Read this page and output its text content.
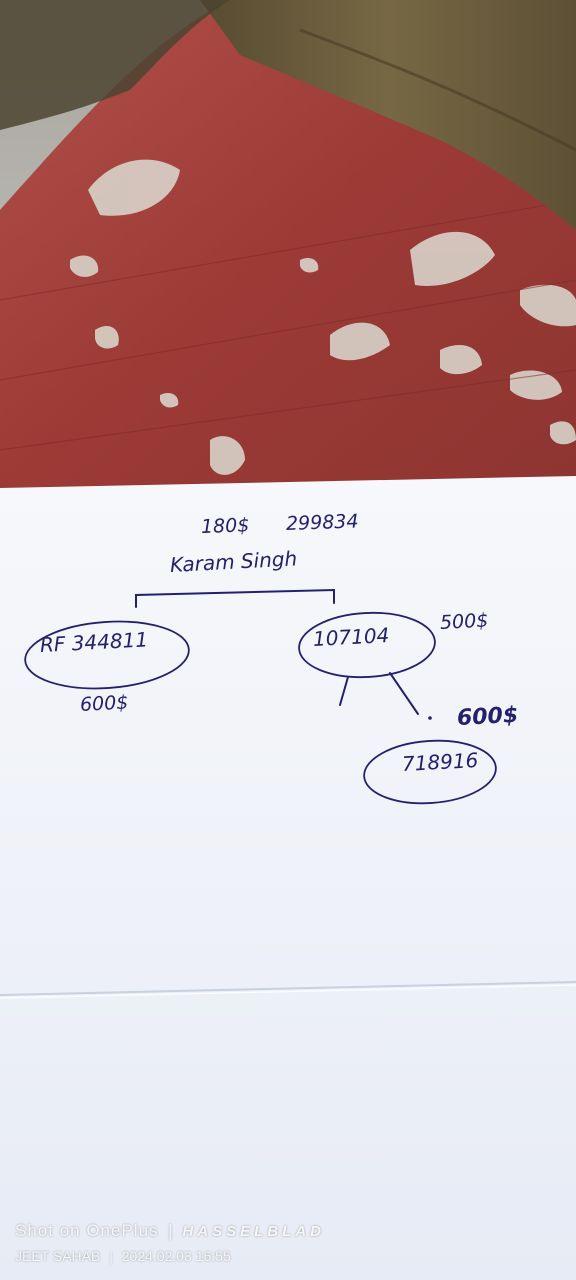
180$ 299834
Karam Singh
RF 344811
600$
107104
500$
600$
718916
Shot on OnePlus | HASSELBLAD
JEET SAHAB | 2024.02.03 16:55
